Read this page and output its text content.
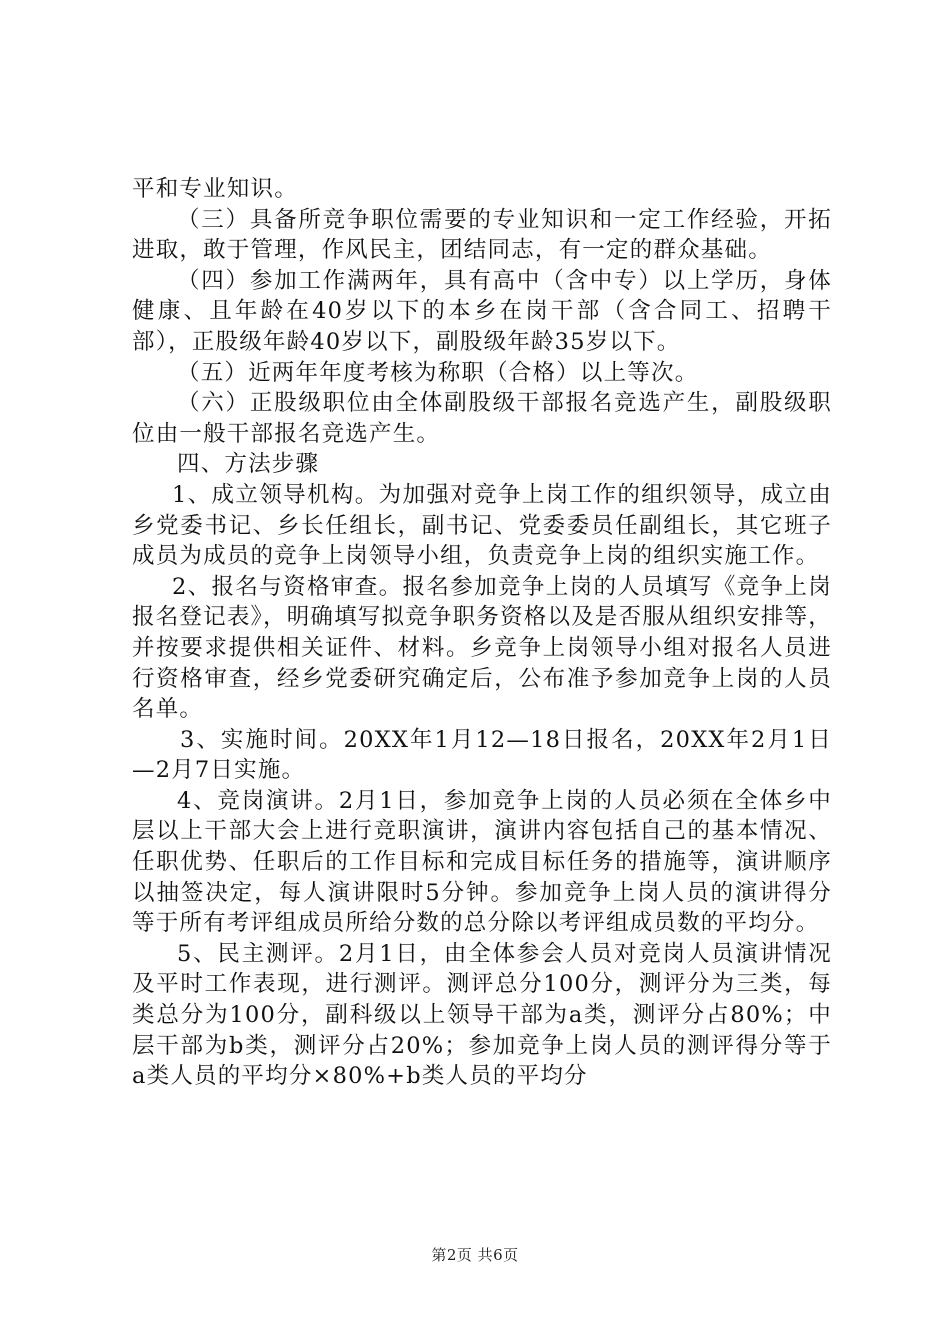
平和专业知识。

（三）具备所竞争职位需要的专业知识和一定工作经验，开拓进取，敢于管理，作风民主，团结同志，有一定的群众基础。

（四）参加工作满两年，具有高中（含中专）以上学历，身体健康、且年龄在40岁以下的本乡在岗干部（含合同工、招聘干部），正股级年龄40岁以下，副股级年龄35岁以下。

（五）近两年年度考核为称职（合格）以上等次。

（六）正股级职位由全体副股级干部报名竞选产生，副股级职位由一般干部报名竞选产生。

四、方法步骤

1、成立领导机构。为加强对竞争上岗工作的组织领导，成立由乡党委书记、乡长任组长，副书记、党委委员任副组长，其它班子成员为成员的竞争上岗领导小组，负责竞争上岗的组织实施工作。

2、报名与资格审查。报名参加竞争上岗的人员填写《竞争上岗报名登记表》，明确填写拟竞争职务资格以及是否服从组织安排等，并按要求提供相关证件、材料。乡竞争上岗领导小组对报名人员进行资格审查，经乡党委研究确定后，公布准予参加竞争上岗的人员名单。

3、实施时间。20XX年1月12—18日报名，20XX年2月1日—2月7日实施。

4、竞岗演讲。2月1日，参加竞争上岗的人员必须在全体乡中层以上干部大会上进行竞职演讲，演讲内容包括自己的基本情况、任职优势、任职后的工作目标和完成目标任务的措施等，演讲顺序以抽签决定，每人演讲限时5分钟。参加竞争上岗人员的演讲得分等于所有考评组成员所给分数的总分除以考评组成员数的平均分。

5、民主测评。2月1日，由全体参会人员对竞岗人员演讲情况及平时工作表现，进行测评。测评总分100分，测评分为三类，每类总分为100分，副科级以上领导干部为a类，测评分占80%；中层干部为b类，测评分占20%；参加竞争上岗人员的测评得分等于a类人员的平均分×80%+b类人员的平均分

第2页 共6页
